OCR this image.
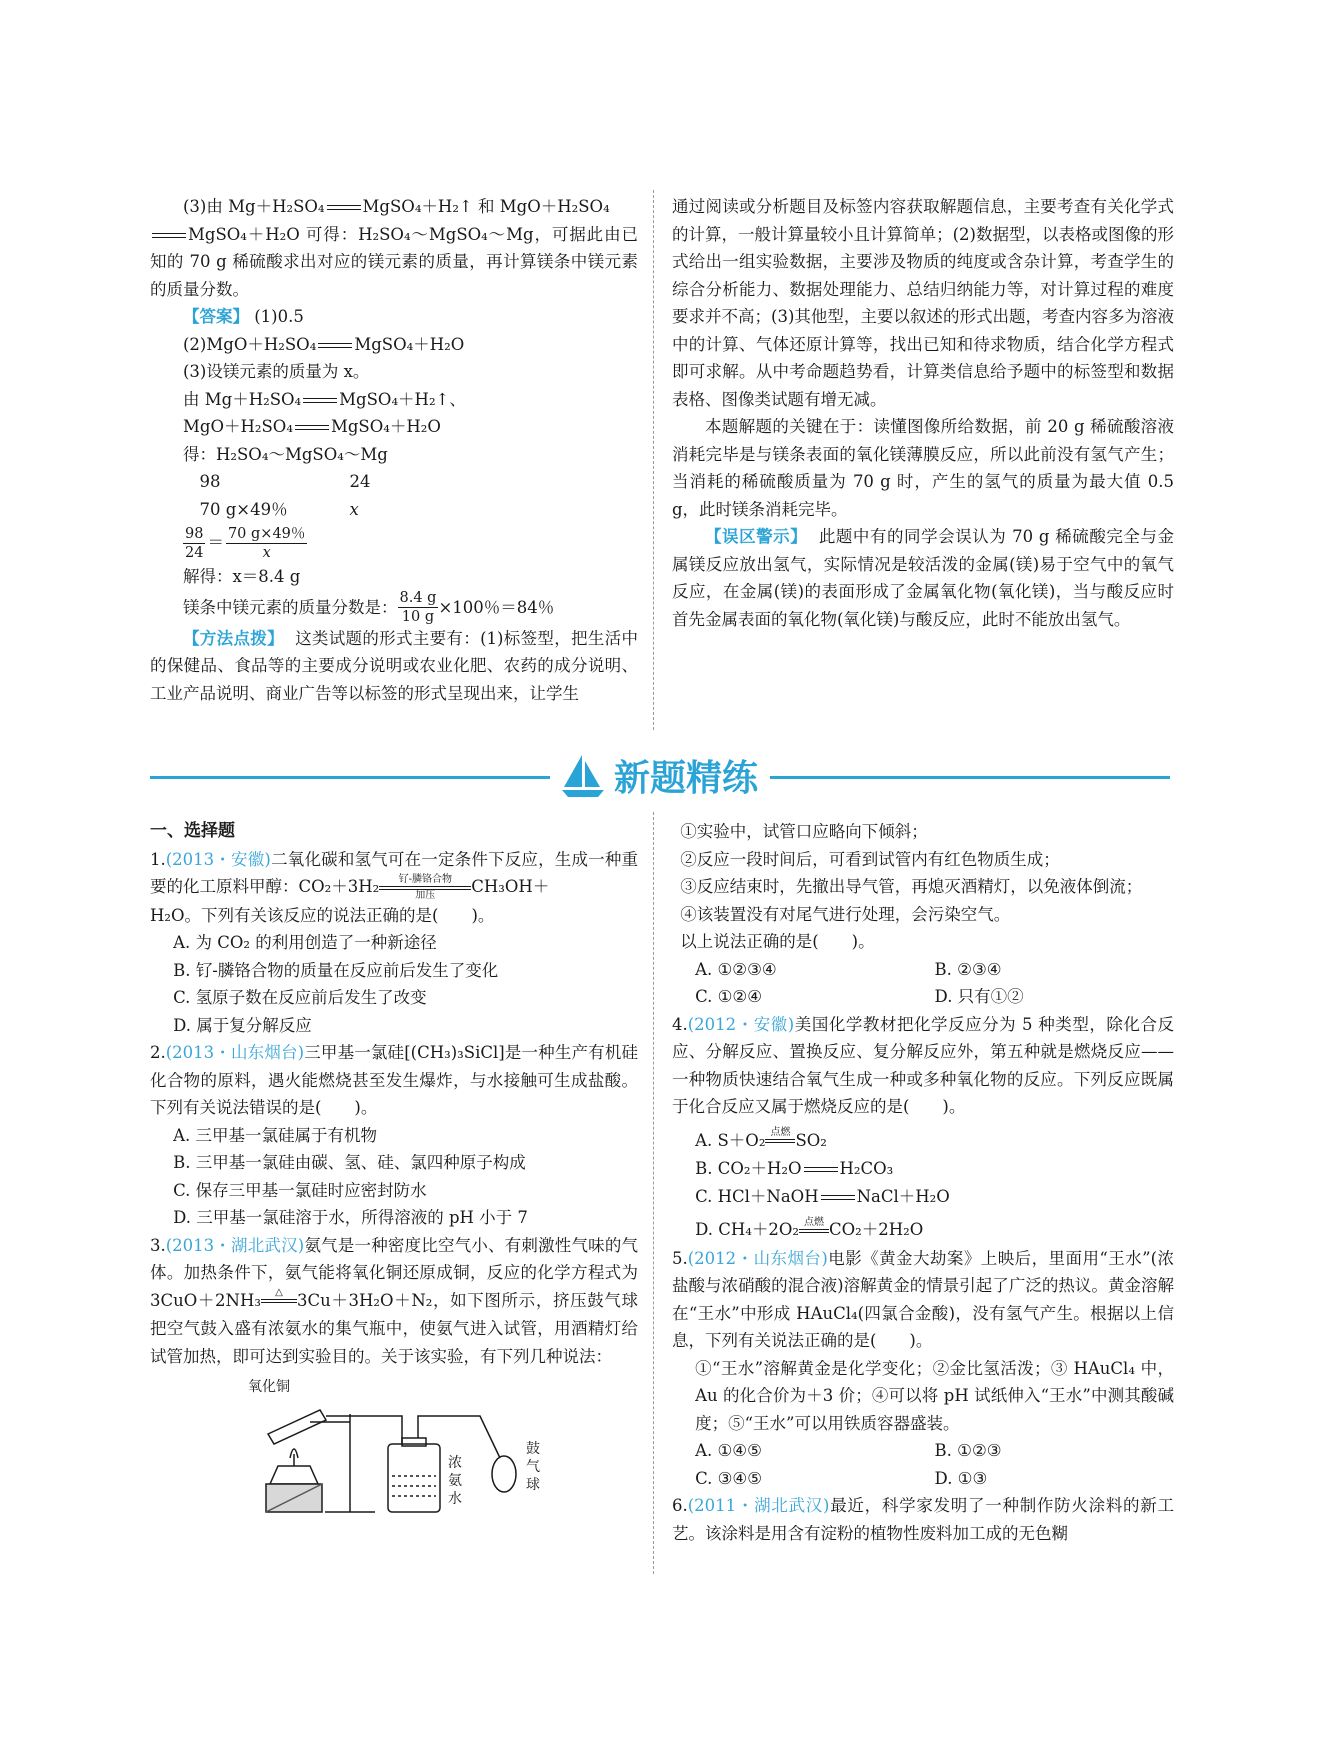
(3)由 Mg＋H₂SO₄ MgSO₄＋H₂↑ 和 MgO＋H₂SO₄

MgSO₄＋H₂O 可得：H₂SO₄～MgSO₄～Mg，可据此由已知的 70 g 稀硫酸求出对应的镁元素的质量，再计算镁条中镁元素的质量分数。

【答案】 (1)0.5

(2)MgO＋H₂SO₄ MgSO₄＋H₂O

(3)设镁元素的质量为 x。

由 Mg＋H₂SO₄ MgSO₄＋H₂↑、

MgO＋H₂SO₄ MgSO₄＋H₂O

得：H₂SO₄～MgSO₄～Mg

98	24
70 g×49％	x
$\frac{98}{24} = \frac{70 g\times 49\%}{x}$

解得：x＝8.4 g

镁条中镁元素的质量分数是： $\frac{8.4 g}{10 g} \times 100$％＝84％

【方法点拨】 这类试题的形式主要有：(1)标签型，把生活中的保健品、食品等的主要成分说明或农业化肥、农药的成分说明、工业产品说明、商业广告等以标签的形式呈现出来，让学生

通过阅读或分析题目及标签内容获取解题信息，主要考查有关化学式的计算，一般计算量较小且计算简单；(2)数据型，以表格或图像的形式给出一组实验数据，主要涉及物质的纯度或含杂计算，考查学生的综合分析能力、数据处理能力、总结归纳能力等，对计算过程的难度要求并不高；(3)其他型，主要以叙述的形式出题，考查内容多为溶液中的计算、气体还原计算等，找出已知和待求物质，结合化学方程式即可求解。从中考命题趋势看，计算类信息给予题中的标签型和数据表格、图像类试题有增无减。

本题解题的关键在于：读懂图像所给数据，前 20 g 稀硫酸溶液消耗完毕是与镁条表面的氧化镁薄膜反应，所以此前没有氢气产生；当消耗的稀硫酸质量为 70 g 时，产生的氢气的质量为最大值 0.5 g，此时镁条消耗完毕。

【误区警示】 此题中有的同学会误认为 70 g 稀硫酸完全与金属镁反应放出氢气，实际情况是较活泼的金属(镁)易于空气中的氧气反应，在金属(镁)的表面形成了金属氧化物(氧化镁)，当与酸反应时首先金属表面的氧化物(氧化镁)与酸反应，此时不能放出氢气。

新题精练
一、选择题

1.(2013・安徽)二氧化碳和氢气可在一定条件下反应，生成一种重要的化工原料甲醇：CO₂＋3H₂	钌-膦铬合物
加压	CH₃OH＋

H₂O。下列有关该反应的说法正确的是(　　)。

A. 为 CO₂ 的利用创造了一种新途径
B. 钌-膦铬合物的质量在反应前后发生了变化
C. 氢原子数在反应前后发生了改变
D. 属于复分解反应

2.(2013・山东烟台)三甲基一氯硅[(CH₃)₃SiCl]是一种生产有机硅化合物的原料，遇火能燃烧甚至发生爆炸，与水接触可生成盐酸。下列有关说法错误的是(　　)。

A. 三甲基一氯硅属于有机物
B. 三甲基一氯硅由碳、氢、硅、氯四种原子构成
C. 保存三甲基一氯硅时应密封防水
D. 三甲基一氯硅溶于水，所得溶液的 pH 小于 7

3.(2013・湖北武汉)氨气是一种密度比空气小、有刺激性气味的气体。加热条件下，氨气能将氧化铜还原成铜，反应的化学方程式为 3CuO＋2NH₃	△
3Cu＋3H₂O＋N₂，如下图所示，挤压鼓气球把空气鼓入盛有浓氨水的集气瓶中，使氨气进入试管，用酒精灯给试管加热，即可达到实验目的。关于该实验，有下列几种说法：

氧化铜
浓氨水
鼓气球
①实验中，试管口应略向下倾斜；
②反应一段时间后，可看到试管内有红色物质生成；
③反应结束时，先撤出导气管，再熄灭酒精灯，以免液体倒流；
④该装置没有对尾气进行处理，会污染空气。
以上说法正确的是(　　)。
A. ①②③④	B. ②③④
C. ①②④	D. 只有①②

4.(2012・安徽)美国化学教材把化学反应分为 5 种类型，除化合反应、分解反应、置换反应、复分解反应外，第五种就是燃烧反应——一种物质快速结合氧气生成一种或多种氧化物的反应。下列反应既属于化合反应又属于燃烧反应的是(　　)。

A. S＋O₂ 点燃
SO₂
B. CO₂＋H₂O H₂CO₃
C. HCl＋NaOH NaCl＋H₂O
D. CH₄＋2O₂ 点燃
CO₂＋2H₂O

5.(2012・山东烟台)电影《黄金大劫案》上映后，里面用“王水”(浓盐酸与浓硝酸的混合液)溶解黄金的情景引起了广泛的热议。黄金溶解在“王水”中形成 HAuCl₄(四氯合金酸)，没有氢气产生。根据以上信息，下列有关说法正确的是(　　)。

①“王水”溶解黄金是化学变化；②金比氢活泼；③ HAuCl₄ 中，Au 的化合价为＋3 价；④可以将 pH 试纸伸入“王水”中测其酸碱度；⑤“王水”可以用铁质容器盛装。

A. ①④⑤	B. ①②③
C. ③④⑤	D. ①③

6.(2011・湖北武汉)最近，科学家发明了一种制作防火涂料的新工艺。该涂料是用含有淀粉的植物性废料加工成的无色糊
